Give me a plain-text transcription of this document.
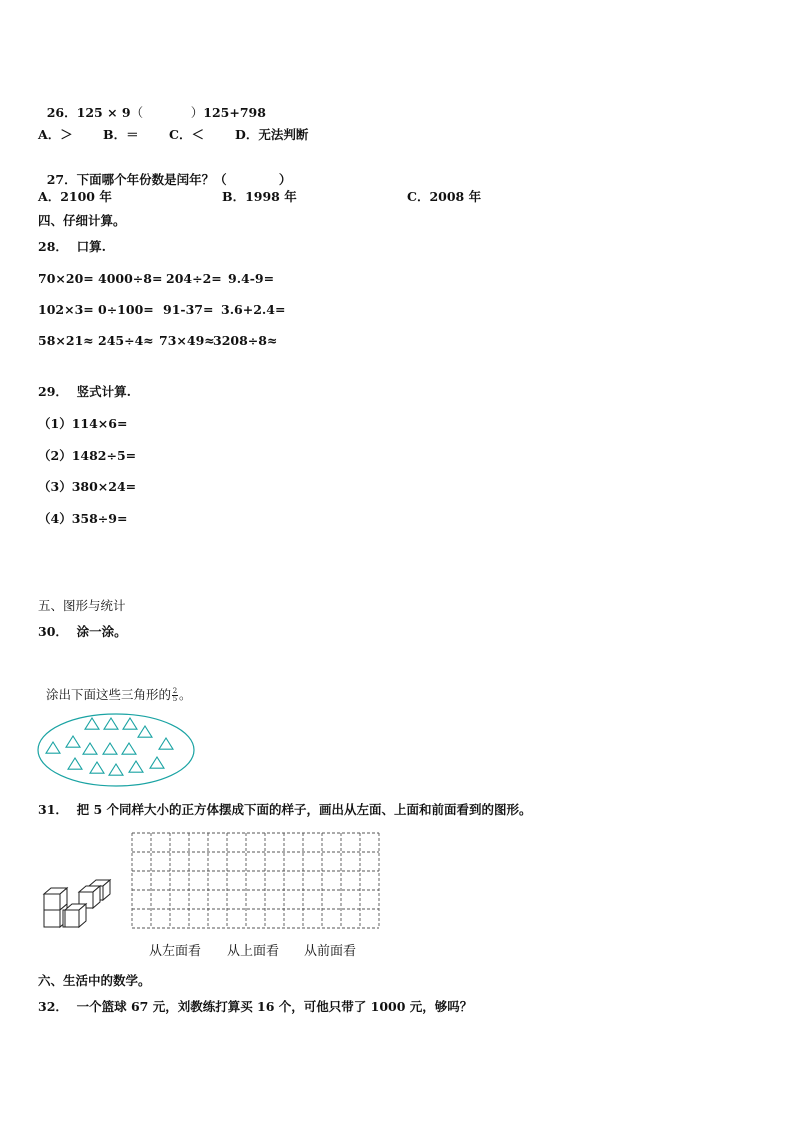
26．125 × 9（            ）125+798

A．＞ B．＝ C．＜ D．无法判断

27．下面哪个年份数是闰年？（            ）

A．2100 年	B．1998 年	C．2008 年
四、仔细计算。
28．  口算.
70×20= 4000÷8= 204÷2= 9.4-9=
102×3= 0÷100= 91-37= 3.6+2.4=
58×21≈ 245÷4≈ 73×49≈
3208÷8≈
29．  竖式计算.
（1）114×6=
（2）1482÷5=
（3）380×24=
（4）358÷9=
五、图形与统计
30．  涂一涂。

涂出下面这些三角形的 $\frac{2}{5}$ 。

31．  把 5 个同样大小的正方体摆成下面的样子，画出从左面、上面和前面看到的图形。
从左面看 从上面看 从前面看
六、生活中的数学。
32．  一个篮球 67 元，刘教练打算买 16 个，可他只带了 1000 元，够吗？
